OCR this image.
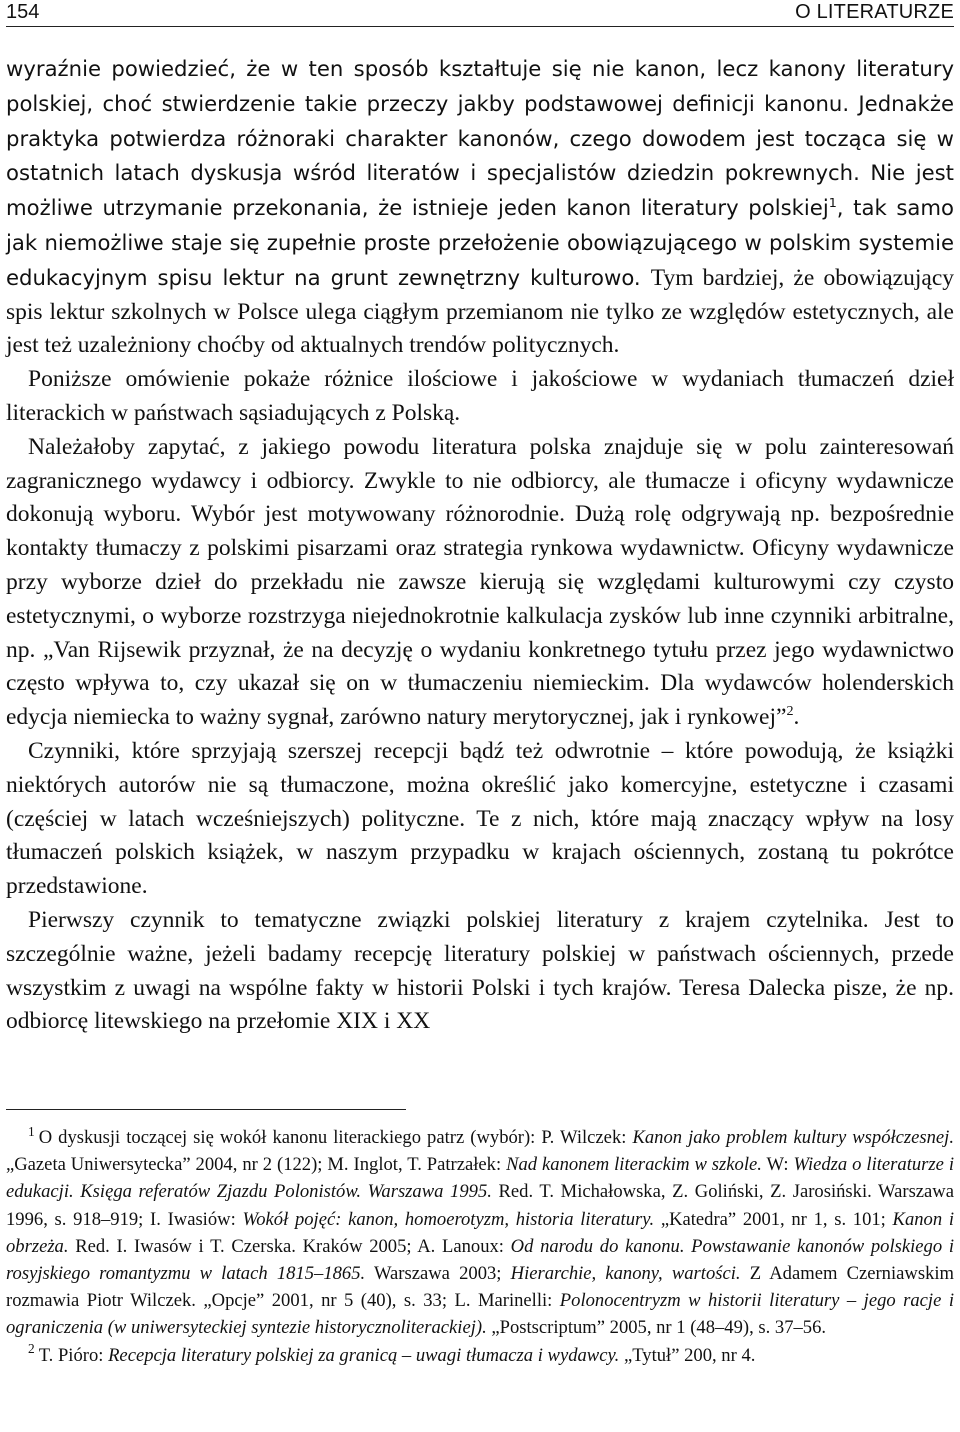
154	O LITERATURZE

wyraźnie powiedzieć, że w ten sposób kształtuje się nie kanon, lecz kanony literatury polskiej, choć stwierdzenie takie przeczy jakby podstawowej definicji kanonu. Jednakże praktyka potwierdza różnoraki charakter kanonów, czego dowodem jest tocząca się w ostatnich latach dyskusja wśród literatów i specjalistów dziedzin pokrewnych. Nie jest możliwe utrzymanie przekonania, że istnieje jeden kanon literatury polskiej$^1$, tak samo jak niemożliwe staje się zupełnie proste przełożenie obowiązującego w polskim systemie edukacyjnym spisu lektur na grunt zewnętrzny kulturowo. Tym bardziej, że obowiązujący spis lektur szkolnych w Polsce ulega ciągłym przemianom nie tylko ze względów estetycznych, ale jest też uzależniony choćby od aktualnych trendów politycznych.

Poniższe omówienie pokaże różnice ilościowe i jakościowe w wydaniach tłumaczeń dzieł literackich w państwach sąsiadujących z Polską.

Należałoby zapytać, z jakiego powodu literatura polska znajduje się w polu zainteresowań zagranicznego wydawcy i odbiorcy. Zwykle to nie odbiorcy, ale tłumacze i oficyny wydawnicze dokonują wyboru. Wybór jest motywowany różnorodnie. Dużą rolę odgrywają np. bezpośrednie kontakty tłumaczy z polskimi pisarzami oraz strategia rynkowa wydawnictw. Oficyny wydawnicze przy wyborze dzieł do przekładu nie zawsze kierują się względami kulturowymi czy czysto estetycznymi, o wyborze rozstrzyga niejednokrotnie kalkulacja zysków lub inne czynniki arbitralne, np. „Van Rijsewik przyznał, że na decyzję o wydaniu konkretnego tytułu przez jego wydawnictwo często wpływa to, czy ukazał się on w tłumaczeniu niemieckim. Dla wydawców holenderskich edycja niemiecka to ważny sygnał, zarówno natury merytorycznej, jak i rynkowej”$^2$.

Czynniki, które sprzyjają szerszej recepcji bądź też odwrotnie – które powodują, że książki niektórych autorów nie są tłumaczone, można określić jako komercyjne, estetyczne i czasami (częściej w latach wcześniejszych) polityczne. Te z nich, które mają znaczący wpływ na losy tłumaczeń polskich książek, w naszym przypadku w krajach ościennych, zostaną tu pokrótce przedstawione.

Pierwszy czynnik to tematyczne związki polskiej literatury z krajem czytelnika. Jest to szczególnie ważne, jeżeli badamy recepcję literatury polskiej w państwach ościennych, przede wszystkim z uwagi na wspólne fakty w historii Polski i tych krajów. Teresa Dalecka pisze, że np. odbiorcę litewskiego na przełomie XIX i XX

$^1$ O dyskusji toczącej się wokół kanonu literackiego patrz (wybór): P. Wilczek: Kanon jako problem kultury współczesnej. „Gazeta Uniwersytecka” 2004, nr 2 (122); M. Inglot, T. Patrzałek: Nad kanonem literackim w szkole. W: Wiedza o literaturze i edukacji. Księga referatów Zjazdu Polonistów. Warszawa 1995. Red. T. Michałowska, Z. Goliński, Z. Jarosiński. Warszawa 1996, s. 918–919; I. Iwasiów: Wokół pojęć: kanon, homoerotyzm, historia literatury. „Katedra” 2001, nr 1, s. 101; Kanon i obrzeża. Red. I. Iwasów i T. Czerska. Kraków 2005; A. Lanoux: Od narodu do kanonu. Powstawanie kanonów polskiego i rosyjskiego romantyzmu w latach 1815–1865. Warszawa 2003; Hierarchie, kanony, wartości. Z Adamem Czerniawskim rozmawia Piotr Wilczek. „Opcje” 2001, nr 5 (40), s. 33; L. Marinelli: Polonocentryzm w historii literatury – jego racje i ograniczenia (w uniwersyteckiej syntezie historycznoliterackiej). „Postscriptum” 2005, nr 1 (48–49), s. 37–56.

$^2$ T. Pióro: Recepcja literatury polskiej za granicą – uwagi tłumacza i wydawcy. „Tytuł” 200, nr 4.
